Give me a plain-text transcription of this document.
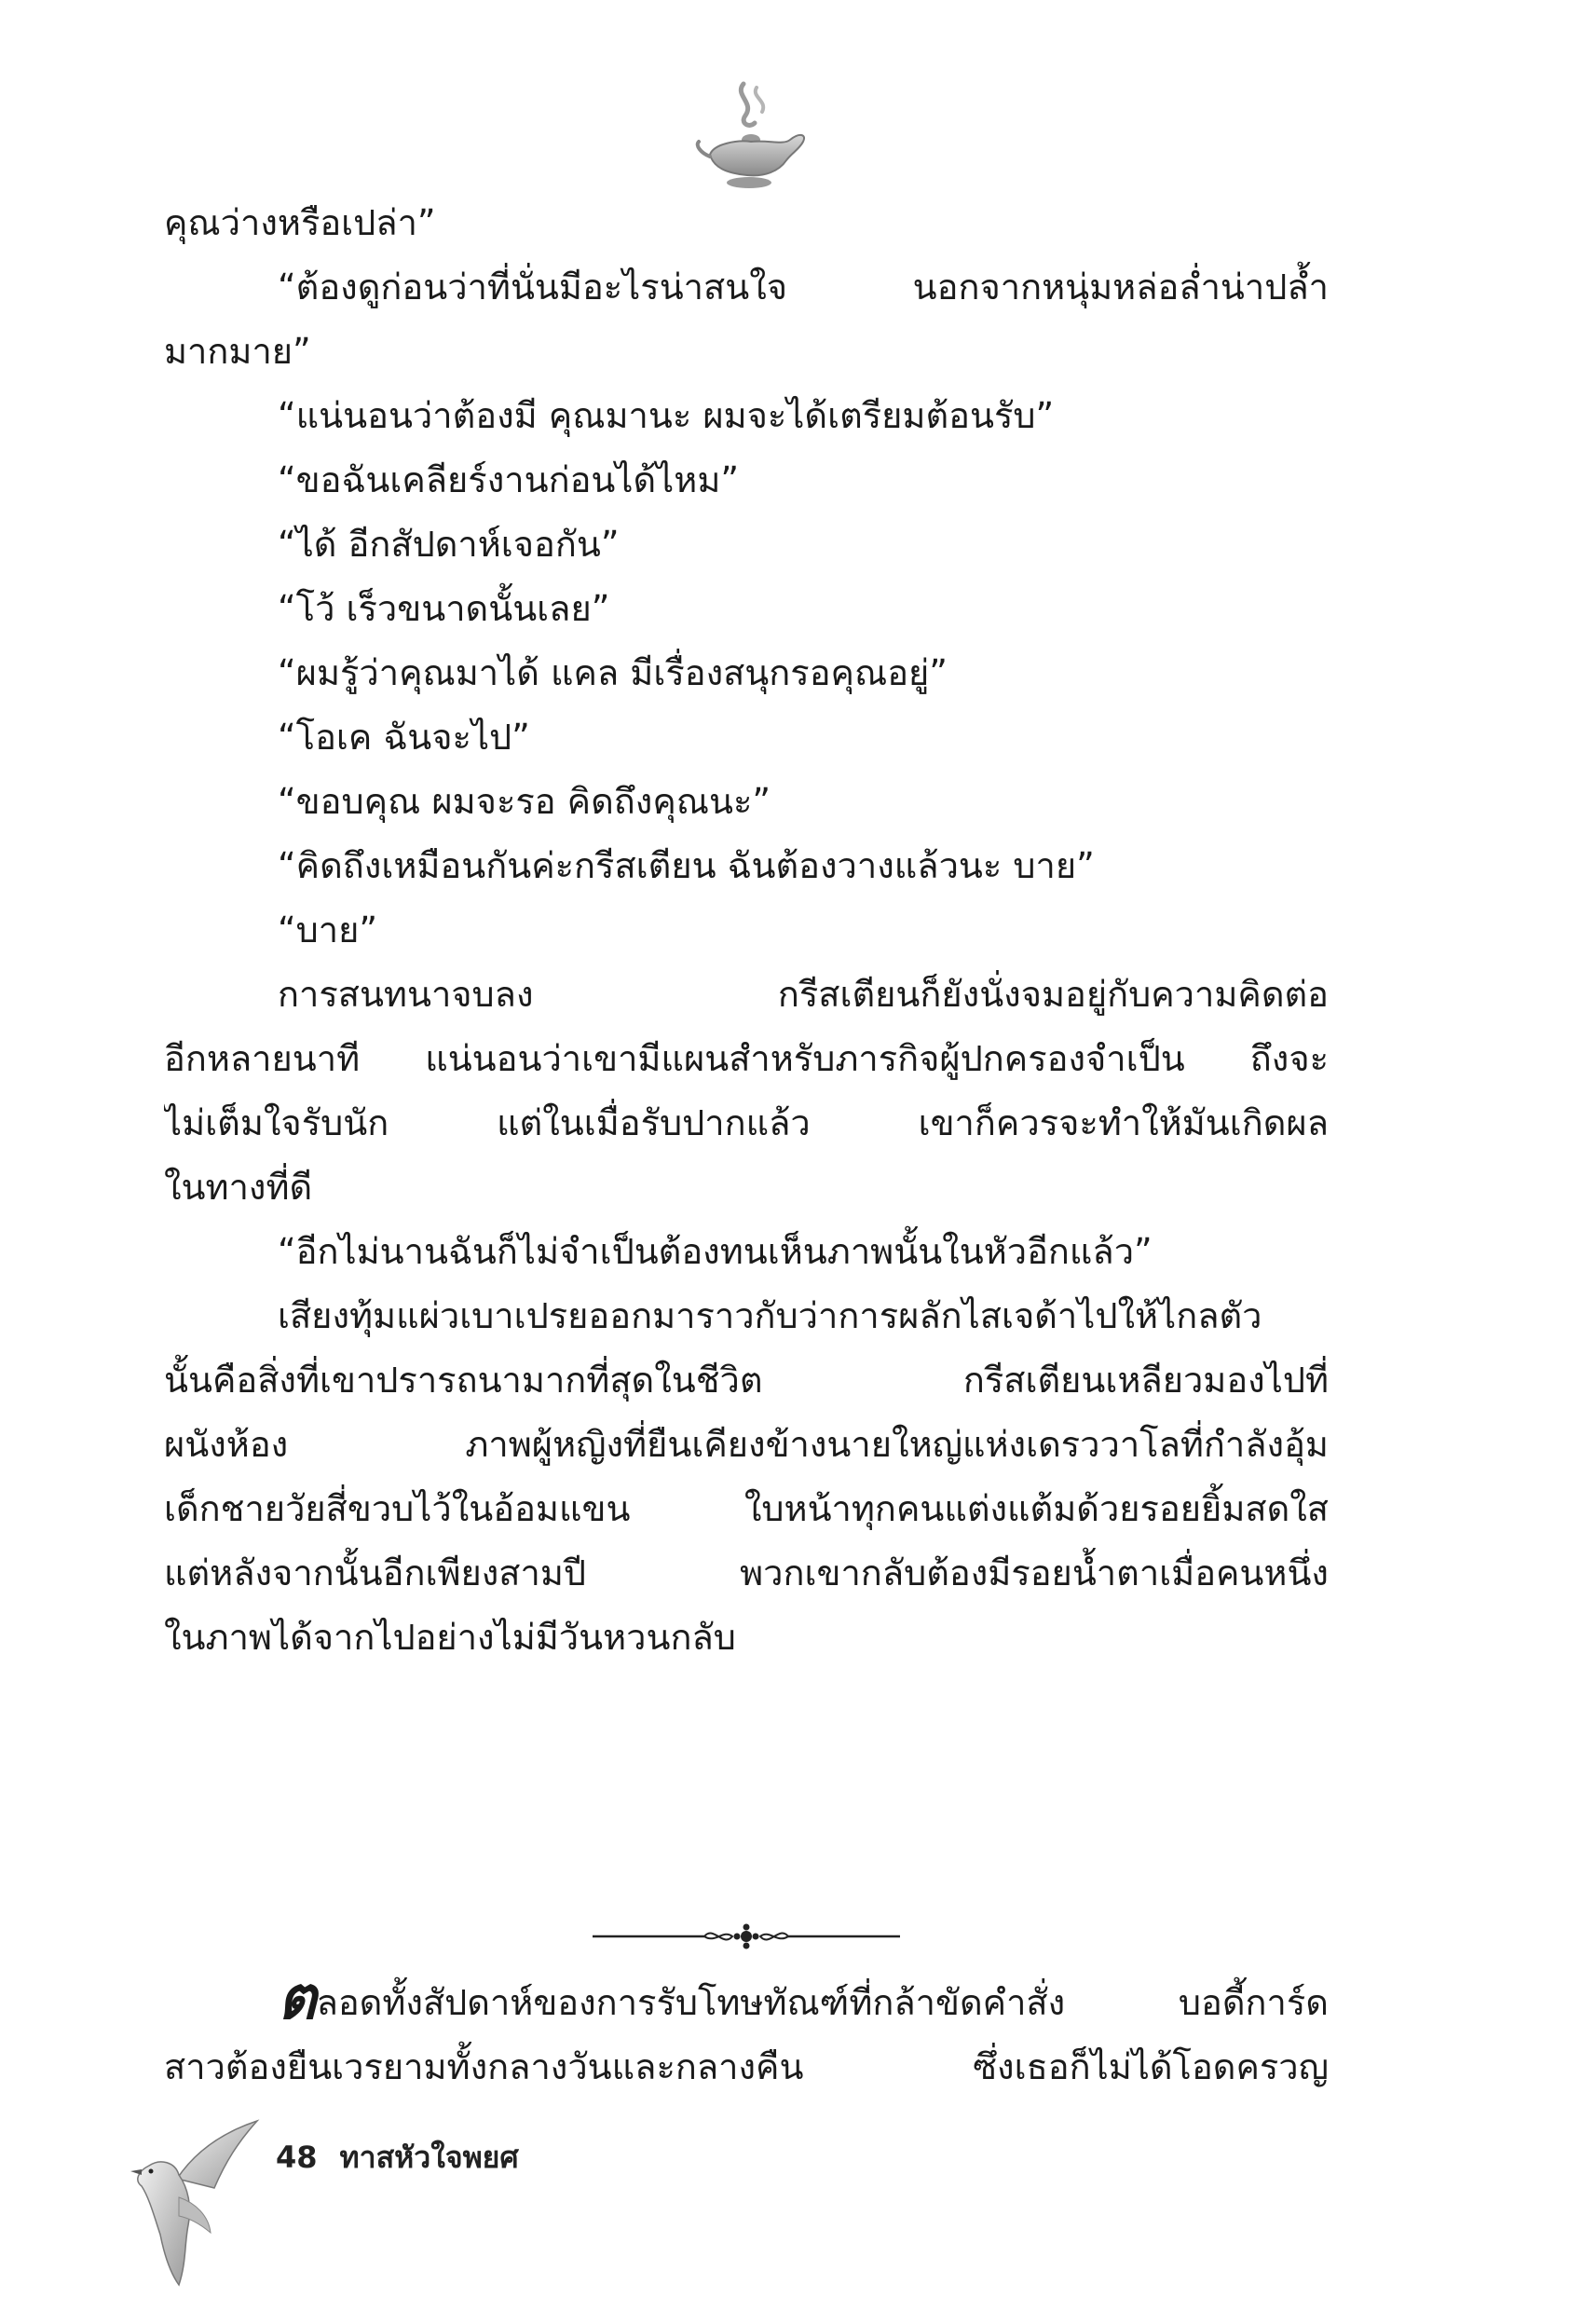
คุณว่างหรือเปล่า”

“ต้องดูก่อนว่าที่นั่นมีอะไรน่าสนใจ นอกจากหนุ่มหล่อล่ำน่าปล้ำ

มากมาย”

“แน่นอนว่าต้องมี คุณมานะ ผมจะได้เตรียมต้อนรับ”

“ขอฉันเคลียร์งานก่อนได้ไหม”

“ได้ อีกสัปดาห์เจอกัน”

“โว้ เร็วขนาดนั้นเลย”

“ผมรู้ว่าคุณมาได้ แคล มีเรื่องสนุกรอคุณอยู่”

“โอเค ฉันจะไป”

“ขอบคุณ ผมจะรอ คิดถึงคุณนะ”

“คิดถึงเหมือนกันค่ะกรีสเตียน ฉันต้องวางแล้วนะ บาย”

“บาย”

การสนทนาจบลง กรีสเตียนก็ยังนั่งจมอยู่กับความคิดต่อ

อีกหลายนาที แน่นอนว่าเขามีแผนสำหรับภารกิจผู้ปกครองจำเป็น ถึงจะ

ไม่เต็มใจรับนัก แต่ในเมื่อรับปากแล้ว เขาก็ควรจะทำให้มันเกิดผล

ในทางที่ดี

“อีกไม่นานฉันก็ไม่จำเป็นต้องทนเห็นภาพนั้นในหัวอีกแล้ว”

เสียงทุ้มแผ่วเบาเปรยออกมาราวกับว่าการผลักไสเจด้าไปให้ไกลตัว

นั้นคือสิ่งที่เขาปรารถนามากที่สุดในชีวิต กรีสเตียนเหลียวมองไปที่

ผนังห้อง ภาพผู้หญิงที่ยืนเคียงข้างนายใหญ่แห่งเดรววาโลที่กำลังอุ้ม

เด็กชายวัยสี่ขวบไว้ในอ้อมแขน ใบหน้าทุกคนแต่งแต้มด้วยรอยยิ้มสดใส

แต่หลังจากนั้นอีกเพียงสามปี พวกเขากลับต้องมีรอยน้ำตาเมื่อคนหนึ่ง

ในภาพได้จากไปอย่างไม่มีวันหวนกลับ

ตลอดทั้งสัปดาห์ของการรับโทษทัณฑ์ที่กล้าขัดคำสั่ง บอดี้การ์ด

สาวต้องยืนเวรยามทั้งกลางวันและกลางคืน ซึ่งเธอก็ไม่ได้โอดครวญ

48 ทาสหัวใจพยศ
